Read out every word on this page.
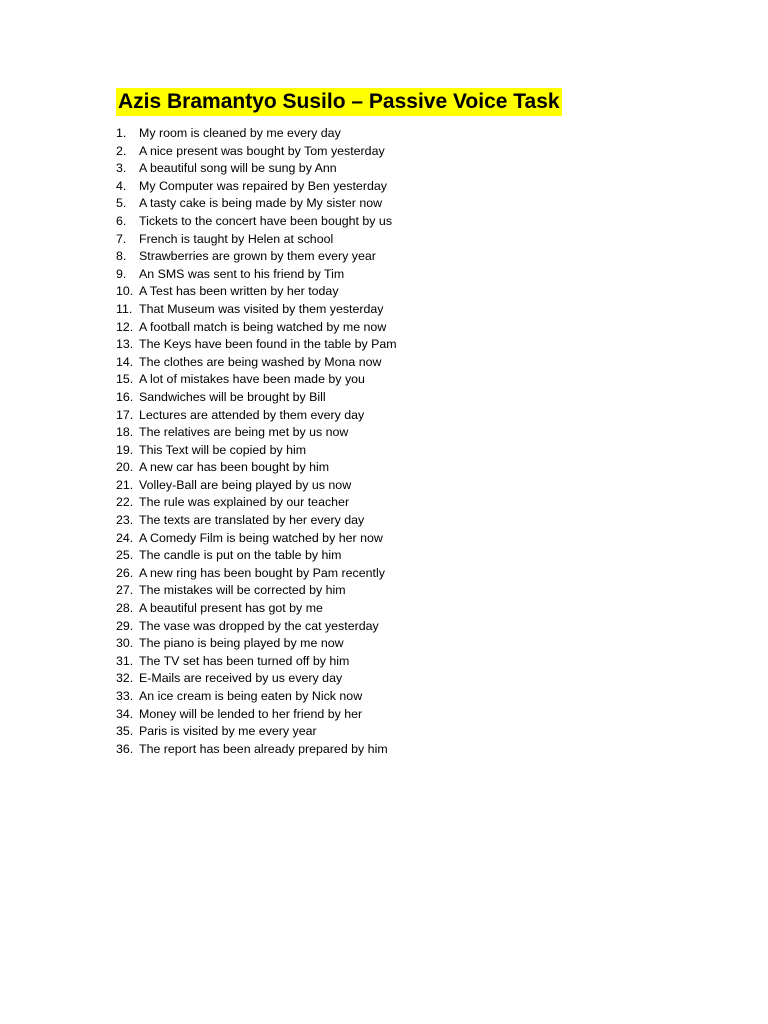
Azis Bramantyo Susilo – Passive Voice Task
1.	My room is cleaned by me every day
2.	A nice present was bought by Tom yesterday
3.	A beautiful song will be sung by Ann
4.	My Computer was repaired by Ben yesterday
5.	A tasty cake is being made by My sister now
6.	Tickets to the concert have been bought by us
7.	French is taught by Helen at school
8.	Strawberries are grown by them every year
9.	An SMS was sent to his friend by Tim
10. A Test has been written by her today
11. That Museum was visited by them yesterday
12. A football match is being watched by me now
13. The Keys have been found in the table by Pam
14. The clothes are being washed by Mona now
15. A lot of mistakes have been made by you
16. Sandwiches will be brought by Bill
17. Lectures are attended by them every day
18. The relatives are being met by us now
19. This Text will be copied by him
20. A new car has been bought by him
21. Volley-Ball are being played by us now
22. The rule was explained by our teacher
23. The texts are translated by her every day
24. A Comedy Film is being watched by her now
25. The candle is put on the table by him
26. A new ring has been bought by Pam recently
27. The mistakes will be corrected by him
28. A beautiful present has got by me
29. The vase was dropped by the cat yesterday
30. The piano is being played by me now
31. The TV set has been turned off by him
32. E-Mails are received by us every day
33. An ice cream is being eaten by Nick now
34. Money will be lended to her friend by her
35. Paris is visited by me every year
36. The report has been already prepared by him
